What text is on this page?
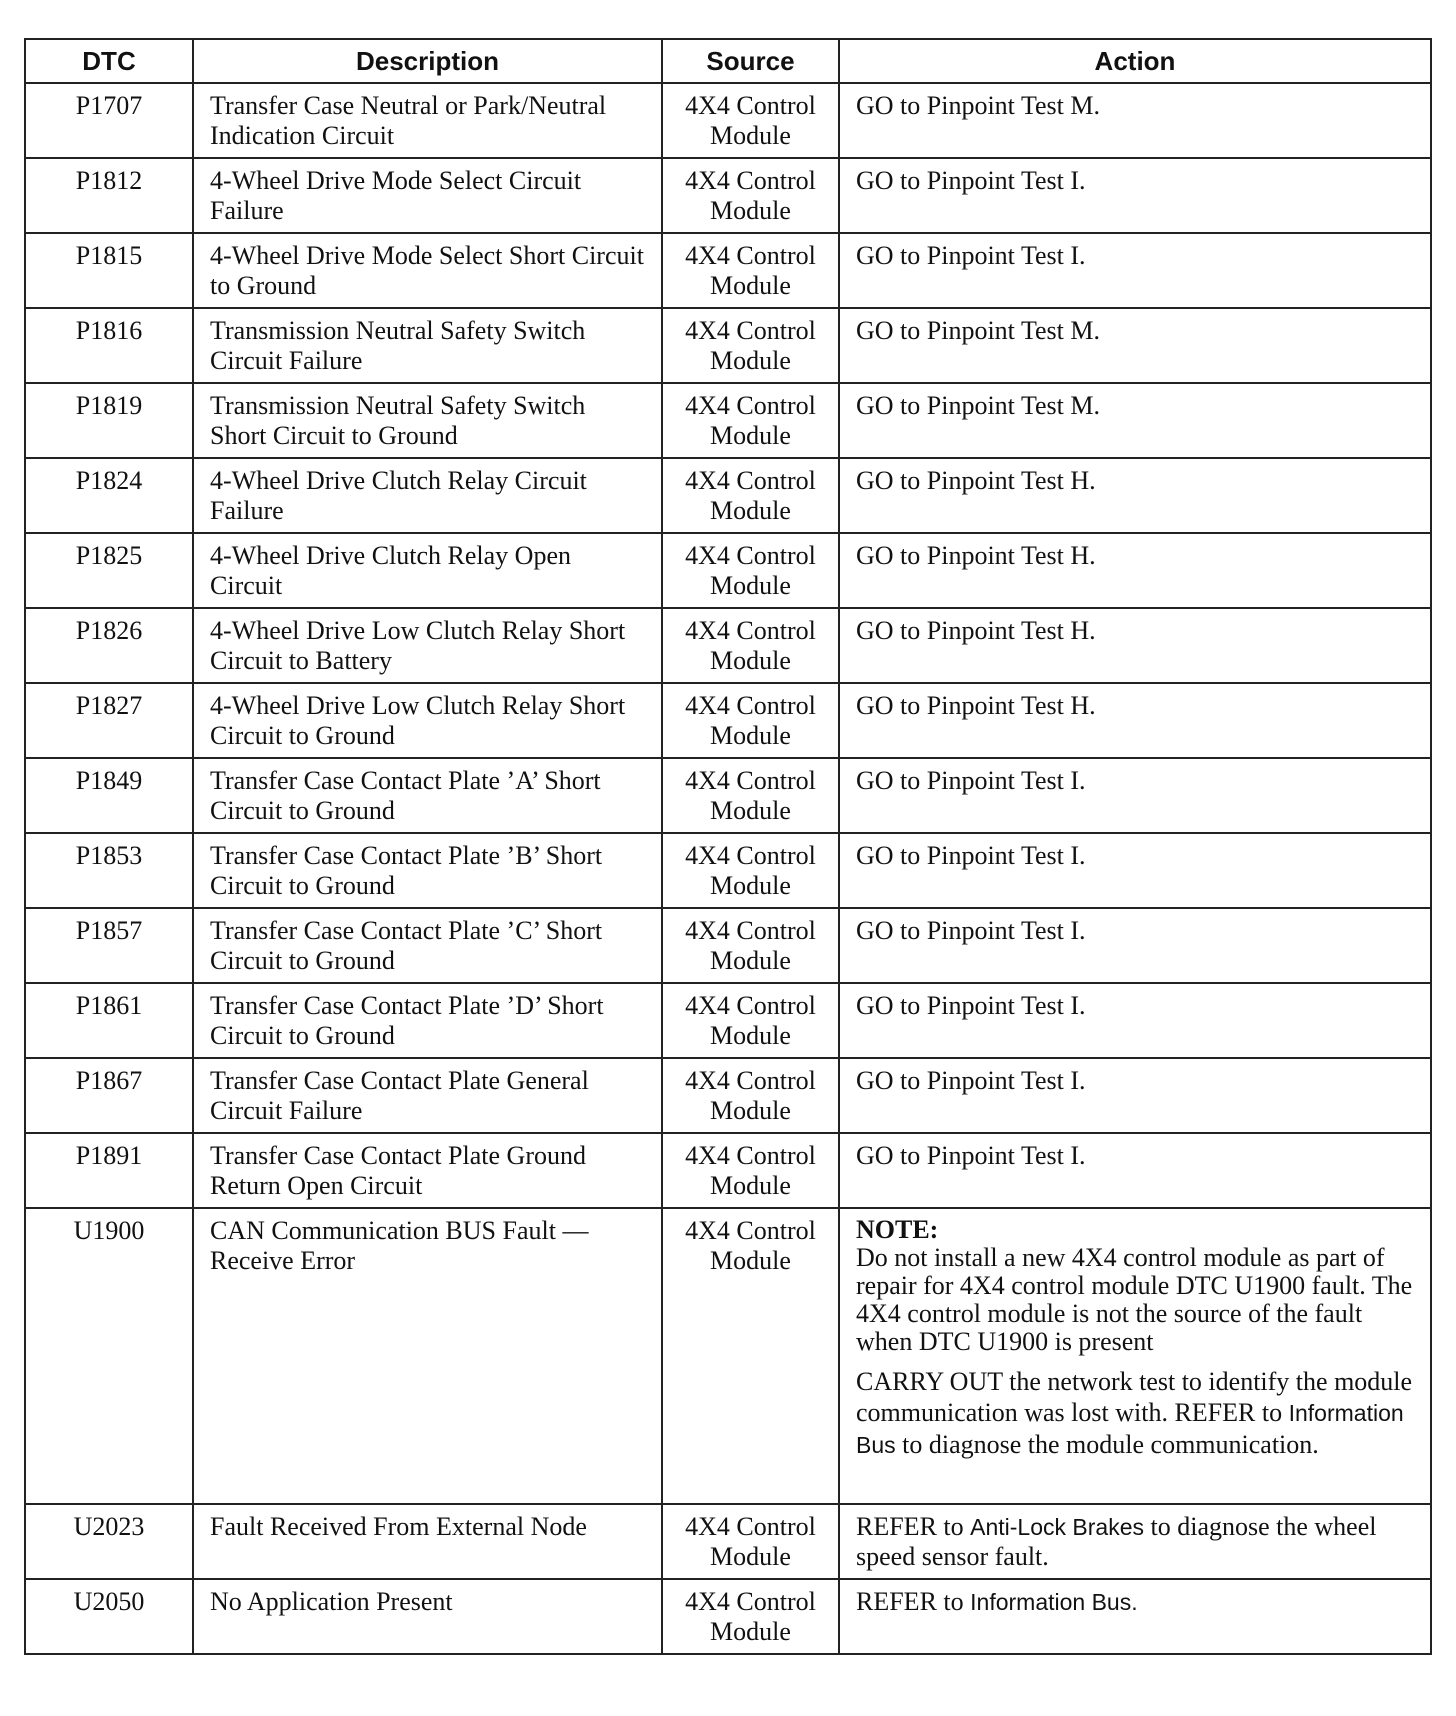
DTC	Description	Source	Action
P1707	Transfer Case Neutral or Park/Neutral Indication Circuit	4X4 Control Module	GO to Pinpoint Test M.
P1812	4-Wheel Drive Mode Select Circuit Failure	4X4 Control Module	GO to Pinpoint Test I.
P1815	4-Wheel Drive Mode Select Short Circuit to Ground	4X4 Control Module	GO to Pinpoint Test I.
P1816	Transmission Neutral Safety Switch Circuit Failure	4X4 Control Module	GO to Pinpoint Test M.
P1819	Transmission Neutral Safety Switch Short Circuit to Ground	4X4 Control Module	GO to Pinpoint Test M.
P1824	4-Wheel Drive Clutch Relay Circuit Failure	4X4 Control Module	GO to Pinpoint Test H.
P1825	4-Wheel Drive Clutch Relay Open Circuit	4X4 Control Module	GO to Pinpoint Test H.
P1826	4-Wheel Drive Low Clutch Relay Short Circuit to Battery	4X4 Control Module	GO to Pinpoint Test H.
P1827	4-Wheel Drive Low Clutch Relay Short Circuit to Ground	4X4 Control Module	GO to Pinpoint Test H.
P1849	Transfer Case Contact Plate ’A’ Short Circuit to Ground	4X4 Control Module	GO to Pinpoint Test I.
P1853	Transfer Case Contact Plate ’B’ Short Circuit to Ground	4X4 Control Module	GO to Pinpoint Test I.
P1857	Transfer Case Contact Plate ’C’ Short Circuit to Ground	4X4 Control Module	GO to Pinpoint Test I.
P1861	Transfer Case Contact Plate ’D’ Short Circuit to Ground	4X4 Control Module	GO to Pinpoint Test I.
P1867	Transfer Case Contact Plate General Circuit Failure	4X4 Control Module	GO to Pinpoint Test I.
P1891	Transfer Case Contact Plate Ground Return Open Circuit	4X4 Control Module	GO to Pinpoint Test I.
U1900	CAN Communication BUS Fault — Receive Error	4X4 Control Module	NOTE:
Do not install a new 4X4 control module as part of repair for 4X4 control module DTC U1900 fault. The 4X4 control module is not the source of the fault when DTC U1900 is present
CARRY OUT the network test to identify the module communication was lost with. REFER to Information Bus to diagnose the module communication.

U2023	Fault Received From External Node	4X4 Control Module	REFER to Anti-Lock Brakes to diagnose the wheel speed sensor fault.
U2050	No Application Present	4X4 Control Module	REFER to Information Bus.
